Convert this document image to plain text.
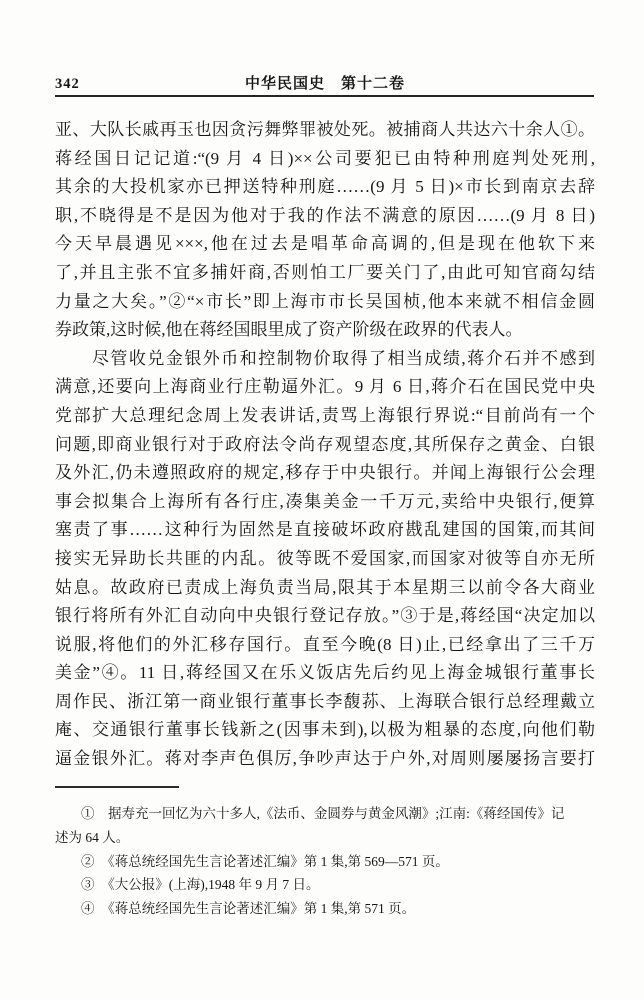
342	中华民国史　第十二卷
亚、大队长戚再玉也因贪污舞弊罪被处死。被捕商人共达六十余人①。
蒋经国日记记道:“(9 月 4 日)××公司要犯已由特种刑庭判处死刑,
其余的大投机家亦已押送特种刑庭……(9 月 5 日)×市长到南京去辞
职,不晓得是不是因为他对于我的作法不满意的原因……(9 月 8 日)
今天早晨遇见×××,他在过去是唱革命高调的,但是现在他软下来
了,并且主张不宜多捕奸商,否则怕工厂要关门了,由此可知官商勾结
力量之大矣。”②“×市长”即上海市市长吴国桢,他本来就不相信金圆
券政策,这时候,他在蒋经国眼里成了资产阶级在政界的代表人。
　　尽管收兑金银外币和控制物价取得了相当成绩,蒋介石并不感到
满意,还要向上海商业行庄勒逼外汇。9 月 6 日,蒋介石在国民党中央
党部扩大总理纪念周上发表讲话,责骂上海银行界说:“目前尚有一个
问题,即商业银行对于政府法令尚存观望态度,其所保存之黄金、白银
及外汇,仍未遵照政府的规定,移存于中央银行。并闻上海银行公会理
事会拟集合上海所有各行庄,凑集美金一千万元,卖给中央银行,便算
塞责了事……这种行为固然是直接破坏政府戡乱建国的国策,而其间
接实无异助长共匪的内乱。彼等既不爱国家,而国家对彼等自亦无所
姑息。故政府已责成上海负责当局,限其于本星期三以前令各大商业
银行将所有外汇自动向中央银行登记存放。”③于是,蒋经国“决定加以
说服,将他们的外汇移存国行。直至今晚(8 日)止,已经拿出了三千万
美金”④。11 日,蒋经国又在乐义饭店先后约见上海金城银行董事长
周作民、浙江第一商业银行董事长李馥荪、上海联合银行总经理戴立
庵、交通银行董事长钱新之(因事未到),以极为粗暴的态度,向他们勒
逼金银外汇。蒋对李声色俱厉,争吵声达于户外,对周则屡屡扬言要打
①　据寿充一回忆为六十多人,《法币、金圆券与黄金风潮》;江南:《蒋经国传》记
述为 64 人。
②　《蒋总统经国先生言论著述汇编》第 1 集,第 569—571 页。
③　《大公报》(上海),1948 年 9 月 7 日。
④　《蒋总统经国先生言论著述汇编》第 1 集,第 571 页。
